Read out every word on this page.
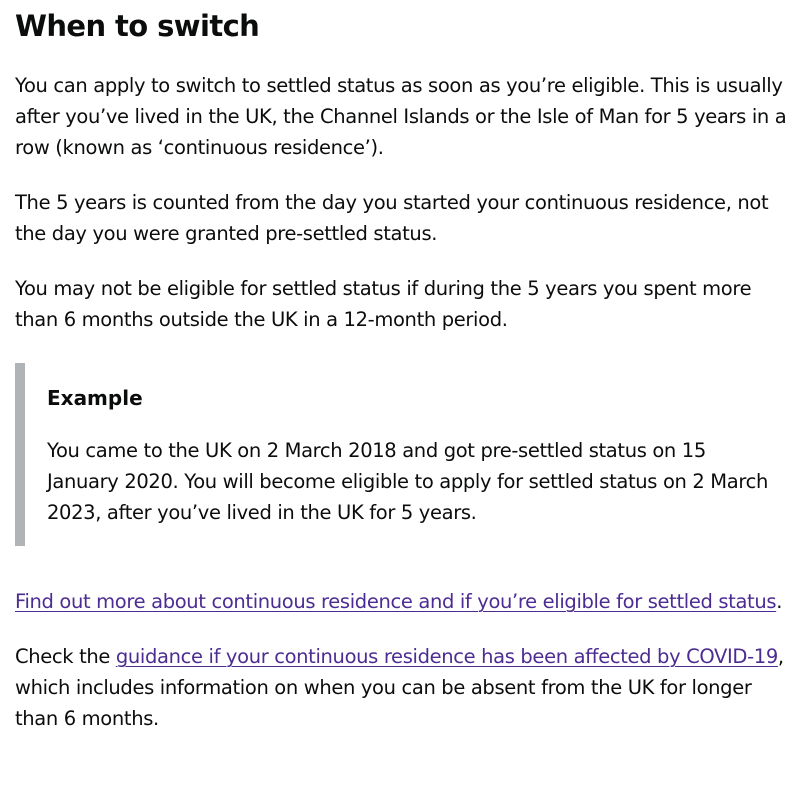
When to switch

You can apply to switch to settled status as soon as you’re eligible. This is usually after you’ve lived in the UK, the Channel Islands or the Isle of Man for 5 years in a row (known as ‘continuous residence’).

The 5 years is counted from the day you started your continuous residence, not the day you were granted pre-settled status.

You may not be eligible for settled status if during the 5 years you spent more than 6 months outside the UK in a 12-month period.

Example

You came to the UK on 2 March 2018 and got pre-settled status on 15 January 2020. You will become eligible to apply for settled status on 2 March 2023, after you’ve lived in the UK for 5 years.

Find out more about continuous residence and if you’re eligible for settled status.

Check the guidance if your continuous residence has been affected by COVID-19, which includes information on when you can be absent from the UK for longer than 6 months.
